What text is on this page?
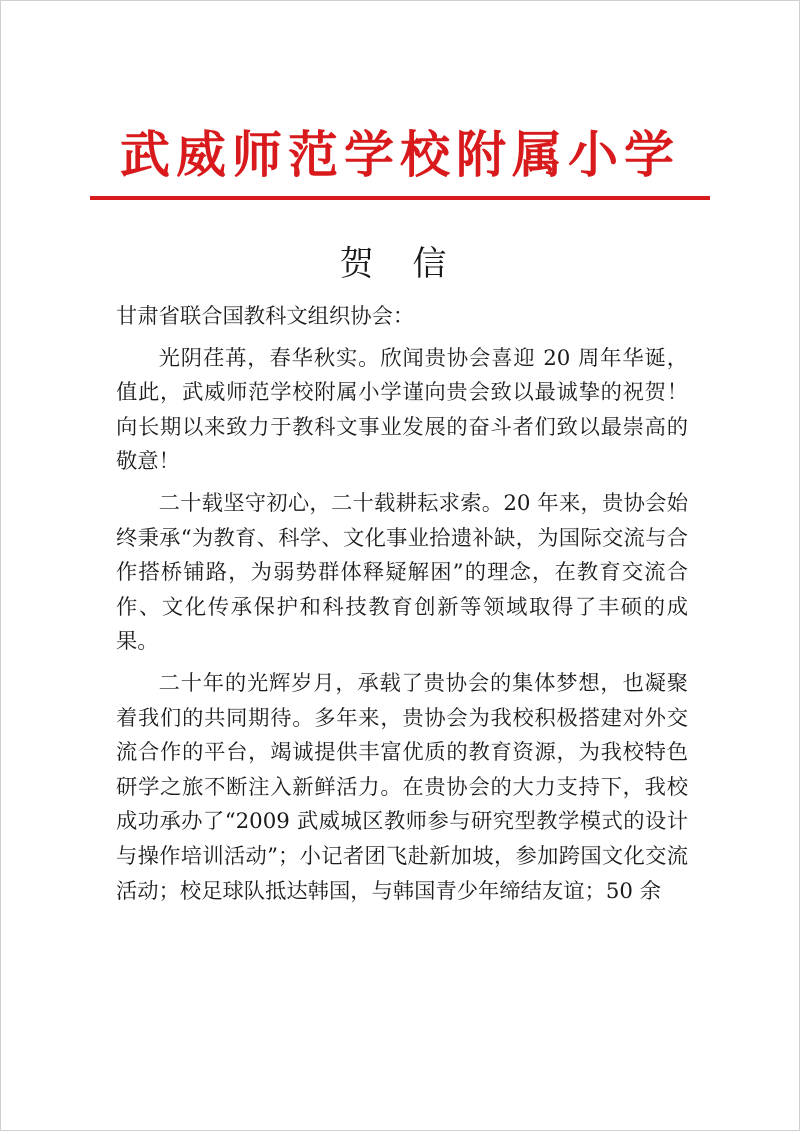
武威师范学校附属小学
贺 信

甘肃省联合国教科文组织协会：

光阴荏苒，春华秋实。欣闻贵协会喜迎 20 周年华诞，值此，武威师范学校附属小学谨向贵会致以最诚挚的祝贺！向长期以来致力于教科文事业发展的奋斗者们致以最崇高的敬意！

二十载坚守初心，二十载耕耘求索。20 年来，贵协会始终秉承“为教育、科学、文化事业拾遗补缺，为国际交流与合作搭桥铺路，为弱势群体释疑解困”的理念，在教育交流合作、文化传承保护和科技教育创新等领域取得了丰硕的成果。

二十年的光辉岁月，承载了贵协会的集体梦想，也凝聚着我们的共同期待。多年来，贵协会为我校积极搭建对外交流合作的平台，竭诚提供丰富优质的教育资源，为我校特色研学之旅不断注入新鲜活力。在贵协会的大力支持下，我校成功承办了“2009 武威城区教师参与研究型教学模式的设计与操作培训活动”；小记者团飞赴新加坡，参加跨国文化交流活动；校足球队抵达韩国，与韩国青少年缔结友谊；50 余
